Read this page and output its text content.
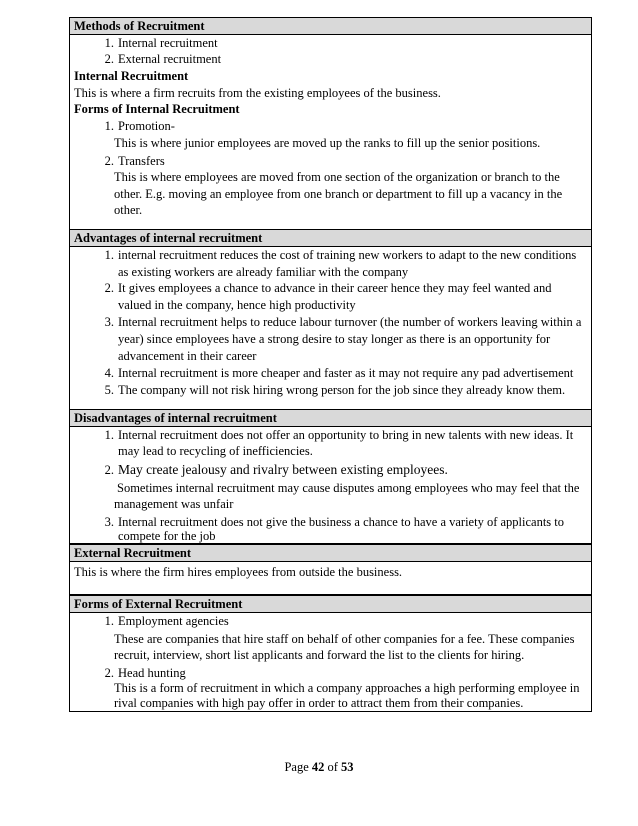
Methods of Recruitment
1. Internal recruitment
2. External recruitment

Internal Recruitment

This is where a firm recruits from the existing employees of the business.

Forms of Internal Recruitment

1. Promotion-

This is where junior employees are moved up the ranks to fill up the senior positions.

2. Transfers

This is where employees are moved from one section of the organization or branch to the other. E.g. moving an employee from one branch or department to fill up a vacancy in the other.

Advantages of internal recruitment
1. internal recruitment reduces the cost of training new workers to adapt to the new conditions as existing workers are already familiar with the company
2. It gives employees a chance to advance in their career hence they may feel wanted and valued in the company, hence high productivity
3. Internal recruitment helps to reduce labour turnover (the number of workers leaving within a year) since employees have a strong desire to stay longer as there is an opportunity for advancement in their career
4. Internal recruitment is more cheaper and faster as it may not require any pad advertisement
5. The company will not risk hiring wrong person for the job since they already know them.
Disadvantages of internal recruitment
1. Internal recruitment does not offer an opportunity to bring in new talents with new ideas. It may lead to recycling of inefficiencies.
2. May create jealousy and rivalry between existing employees.

Sometimes internal recruitment may cause disputes among employees who may feel that the management was unfair

3. Internal recruitment does not give the business a chance to have a variety of applicants to compete for the job
External Recruitment

This is where the firm hires employees from outside the business.

Forms of External Recruitment
1. Employment agencies

These are companies that hire staff on behalf of other companies for a fee. These companies recruit, interview, short list applicants and forward the list to the clients for hiring.

2. Head hunting

This is a form of recruitment in which a company approaches a high performing employee in rival companies with high pay offer in order to attract them from their companies.

Page 42 of 53
